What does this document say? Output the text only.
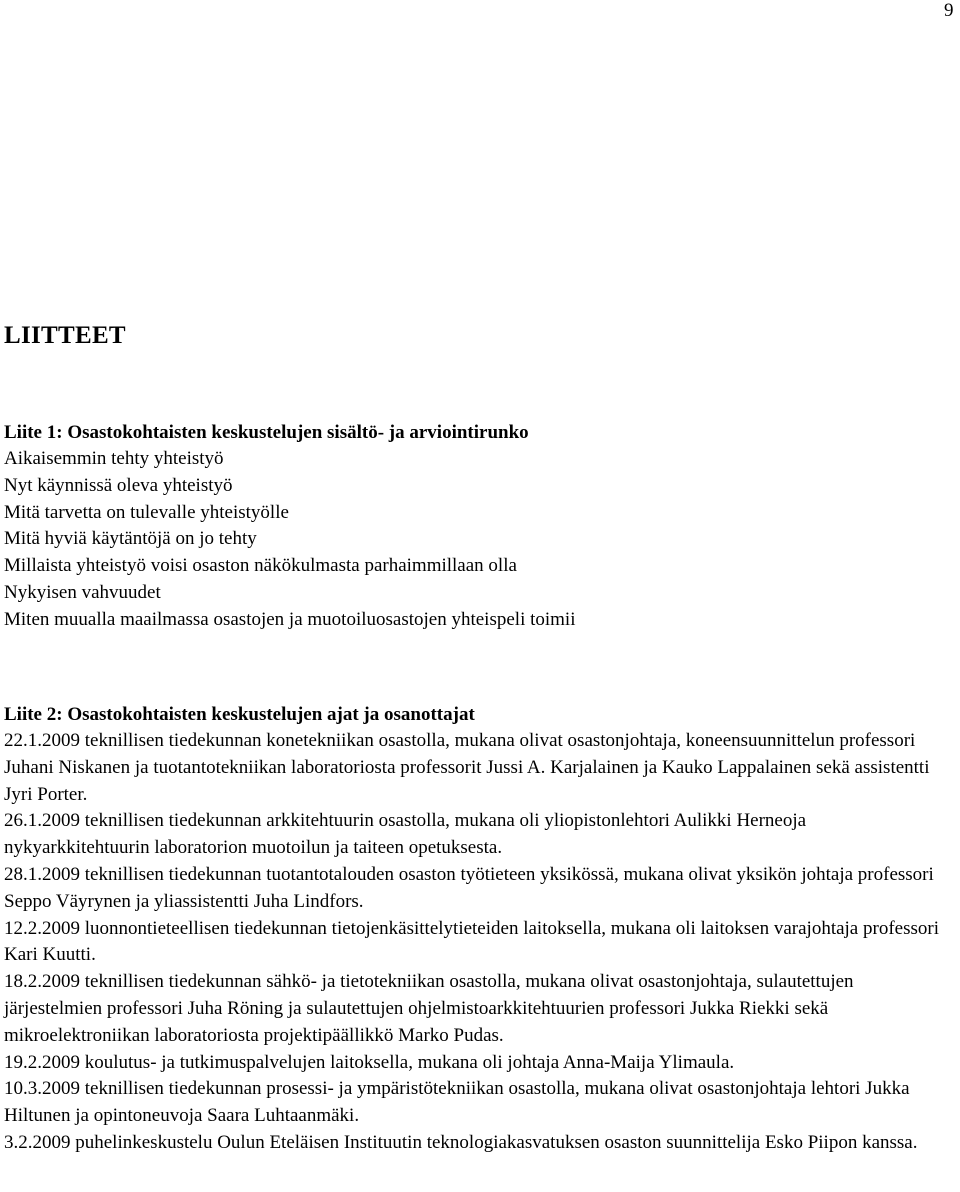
9
LIITTEET
Liite 1: Osastokohtaisten keskustelujen sisältö- ja arviointirunko
Aikaisemmin tehty yhteistyö
Nyt käynnissä oleva yhteistyö
Mitä tarvetta on tulevalle yhteistyölle
Mitä hyviä käytäntöjä on jo tehty
Millaista yhteistyö voisi osaston näkökulmasta parhaimmillaan olla
Nykyisen vahvuudet
Miten muualla maailmassa osastojen ja muotoiluosastojen yhteispeli toimii
Liite 2: Osastokohtaisten keskustelujen ajat ja osanottajat

22.1.2009 teknillisen tiedekunnan konetekniikan osastolla, mukana olivat osastonjohtaja, koneensuunnittelun professori Juhani Niskanen ja tuotantotekniikan laboratoriosta professorit Jussi A. Karjalainen ja Kauko Lappalainen sekä assistentti Jyri Porter.

26.1.2009 teknillisen tiedekunnan arkkitehtuurin osastolla, mukana oli yliopistonlehtori Aulikki Herneoja nykyarkkitehtuurin laboratorion muotoilun ja taiteen opetuksesta.

28.1.2009 teknillisen tiedekunnan tuotantotalouden osaston työtieteen yksikössä, mukana olivat yksikön johtaja professori Seppo Väyrynen ja yliassistentti Juha Lindfors.

12.2.2009 luonnontieteellisen tiedekunnan tietojenkäsittelytieteiden laitoksella, mukana oli laitoksen varajohtaja professori Kari Kuutti.

18.2.2009 teknillisen tiedekunnan sähkö- ja tietotekniikan osastolla, mukana olivat osastonjohtaja, sulautettujen järjestelmien professori Juha Röning ja sulautettujen ohjelmistoarkkitehtuurien professori Jukka Riekki sekä mikroelektroniikan laboratoriosta projektipäällikkö Marko Pudas.

19.2.2009 koulutus- ja tutkimuspalvelujen laitoksella, mukana oli johtaja Anna-Maija Ylimaula.

10.3.2009 teknillisen tiedekunnan prosessi- ja ympäristötekniikan osastolla, mukana olivat osastonjohtaja lehtori Jukka Hiltunen ja opintoneuvoja Saara Luhtaanmäki.

3.2.2009 puhelinkeskustelu Oulun Eteläisen Instituutin teknologiakasvatuksen osaston suunnittelija Esko Piipon kanssa.
